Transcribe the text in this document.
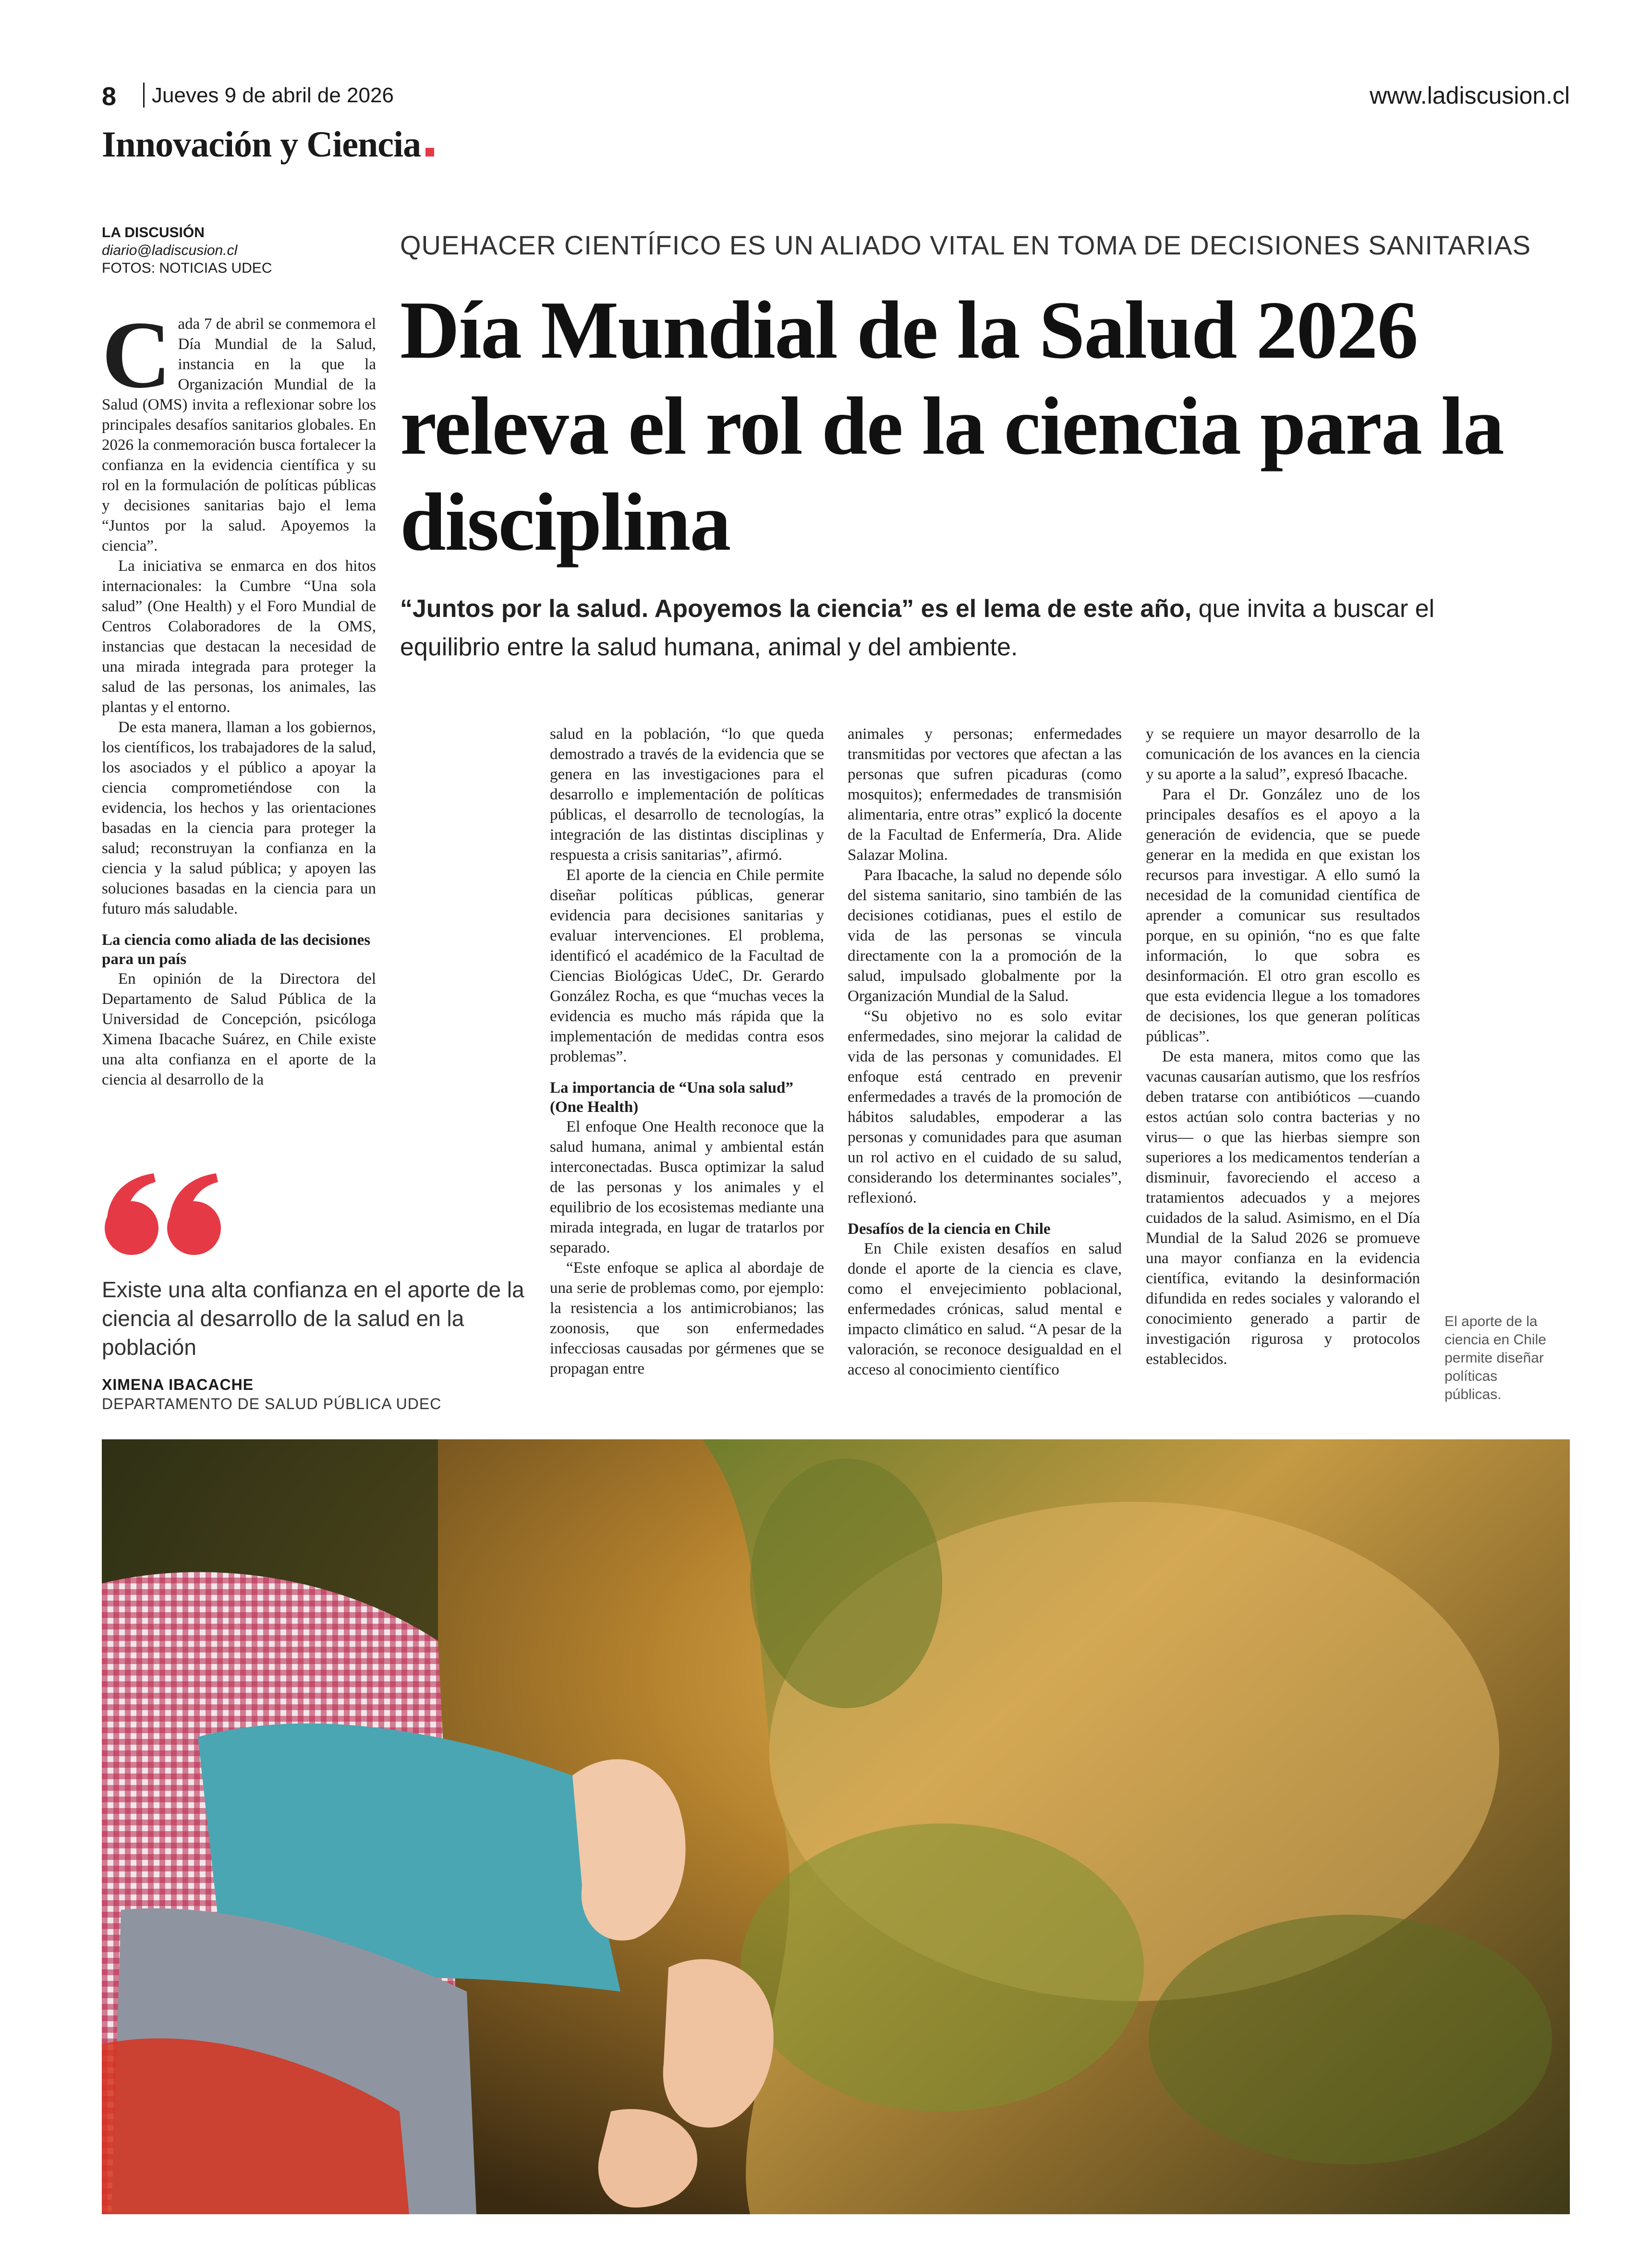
8 Jueves 9 de abril de 2026	www.ladiscusion.cl
Innovación y Ciencia
LA DISCUSIÓN
diario@ladiscusion.cl
FOTOS: NOTICIAS UDEC
QUEHACER CIENTÍFICO ES UN ALIADO VITAL EN TOMA DE DECISIONES SANITARIAS
Día Mundial de la Salud 2026 releva el rol de la ciencia para la disciplina
“Juntos por la salud. Apoyemos la ciencia” es el lema de este año, que invita a buscar el equilibrio entre la salud humana, animal y del ambiente.

Cada 7 de abril se conmemora el Día Mundial de la Salud, instancia en la que la Organización Mundial de la Salud (OMS) invita a reflexionar sobre los principales desafíos sanitarios globales. En 2026 la conmemoración busca fortalecer la confianza en la evidencia científica y su rol en la formulación de políticas públicas y decisiones sanitarias bajo el lema “Juntos por la salud. Apoyemos la ciencia”.

La iniciativa se enmarca en dos hitos internacionales: la Cumbre “Una sola salud” (One Health) y el Foro Mundial de Centros Colaboradores de la OMS, instancias que destacan la necesidad de una mirada integrada para proteger la salud de las personas, los animales, las plantas y el entorno.

De esta manera, llaman a los gobiernos, los científicos, los trabajadores de la salud, los asociados y el público a apoyar la ciencia comprometiéndose con la evidencia, los hechos y las orientaciones basadas en la ciencia para proteger la salud; reconstruyan la confianza en la ciencia y la salud pública; y apoyen las soluciones basadas en la ciencia para un futuro más saludable.

La ciencia como aliada de las decisiones para un país

En opinión de la Directora del Departamento de Salud Pública de la Universidad de Concepción, psicóloga Ximena Ibacache Suárez, en Chile existe una alta confianza en el aporte de la ciencia al desarrollo de la

salud en la población, “lo que queda demostrado a través de la evidencia que se genera en las investigaciones para el desarrollo e implementación de políticas públicas, el desarrollo de tecnologías, la integración de las distintas disciplinas y respuesta a crisis sanitarias”, afirmó.

El aporte de la ciencia en Chile permite diseñar políticas públicas, generar evidencia para decisiones sanitarias y evaluar intervenciones. El problema, identificó el académico de la Facultad de Ciencias Biológicas UdeC, Dr. Gerardo González Rocha, es que “muchas veces la evidencia es mucho más rápida que la implementación de medidas contra esos problemas”.

La importancia de “Una sola salud” (One Health)

El enfoque One Health reconoce que la salud humana, animal y ambiental están interconectadas. Busca optimizar la salud de las personas y los animales y el equilibrio de los ecosistemas mediante una mirada integrada, en lugar de tratarlos por separado.

“Este enfoque se aplica al abordaje de una serie de problemas como, por ejemplo: la resistencia a los antimicrobianos; las zoonosis, que son enfermedades infecciosas causadas por gérmenes que se propagan entre

animales y personas; enfermedades transmitidas por vectores que afectan a las personas que sufren picaduras (como mosquitos); enfermedades de transmisión alimentaria, entre otras” explicó la docente de la Facultad de Enfermería, Dra. Alide Salazar Molina.

Para Ibacache, la salud no depende sólo del sistema sanitario, sino también de las decisiones cotidianas, pues el estilo de vida de las personas se vincula directamente con la a promoción de la salud, impulsado globalmente por la Organización Mundial de la Salud.

“Su objetivo no es solo evitar enfermedades, sino mejorar la calidad de vida de las personas y comunidades. El enfoque está centrado en prevenir enfermedades a través de la promoción de hábitos saludables, empoderar a las personas y comunidades para que asuman un rol activo en el cuidado de su salud, considerando los determinantes sociales”, reflexionó.

Desafíos de la ciencia en Chile

En Chile existen desafíos en salud donde el aporte de la ciencia es clave, como el envejecimiento poblacional, enfermedades crónicas, salud mental e impacto climático en salud. “A pesar de la valoración, se reconoce desigualdad en el acceso al conocimiento científico

y se requiere un mayor desarrollo de la comunicación de los avances en la ciencia y su aporte a la salud”, expresó Ibacache.

Para el Dr. González uno de los principales desafíos es el apoyo a la generación de evidencia, que se puede generar en la medida en que existan los recursos para investigar. A ello sumó la necesidad de la comunidad científica de aprender a comunicar sus resultados porque, en su opinión, “no es que falte información, lo que sobra es desinformación. El otro gran escollo es que esta evidencia llegue a los tomadores de decisiones, los que generan políticas públicas”.

De esta manera, mitos como que las vacunas causarían autismo, que los resfríos deben tratarse con antibióticos —cuando estos actúan solo contra bacterias y no virus— o que las hierbas siempre son superiores a los medicamentos tenderían a disminuir, favoreciendo el acceso a tratamientos adecuados y a mejores cuidados de la salud. Asimismo, en el Día Mundial de la Salud 2026 se promueve una mayor confianza en la evidencia científica, evitando la desinformación difundida en redes sociales y valorando el conocimiento generado a partir de investigación rigurosa y protocolos establecidos.

Existe una alta confianza en el aporte de la ciencia al desarrollo de la salud en la población
XIMENA IBACACHE
DEPARTAMENTO DE SALUD PÚBLICA UDEC
El aporte de la ciencia en Chile permite diseñar políticas públicas.
